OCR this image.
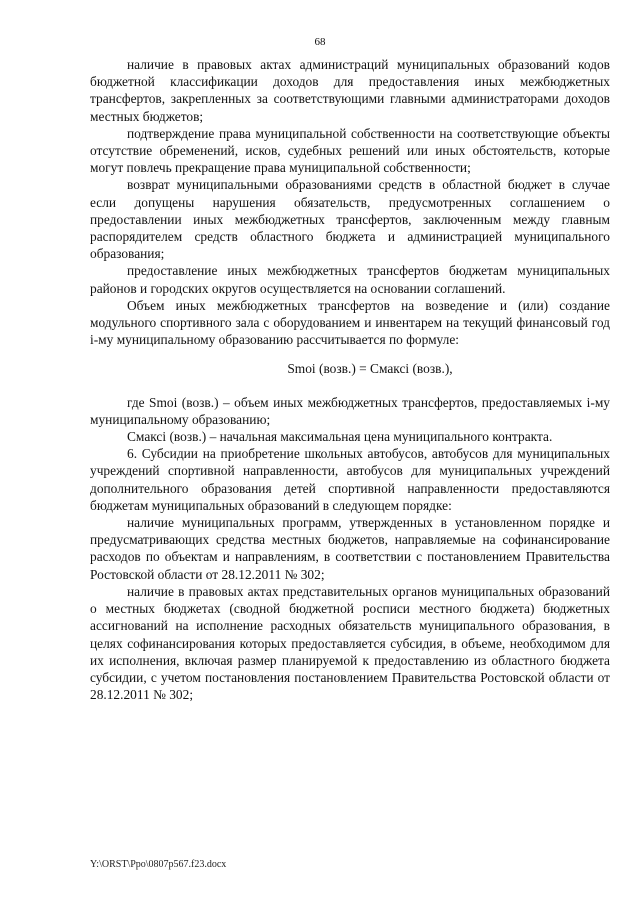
68

наличие в правовых актах администраций муниципальных образований кодов бюджетной классификации доходов для предоставления иных межбюджетных трансфертов, закрепленных за соответствующими главными администраторами доходов местных бюджетов;

подтверждение права муниципальной собственности на соответствующие объекты отсутствие обременений, исков, судебных решений или иных обстоятельств, которые могут повлечь прекращение права муниципальной собственности;

возврат муниципальными образованиями средств в областной бюджет в случае если допущены нарушения обязательств, предусмотренных соглашением о предоставлении иных межбюджетных трансфертов, заключенным между главным распорядителем средств областного бюджета и администрацией муниципального образования;

предоставление иных межбюджетных трансфертов бюджетам муниципальных районов и городских округов осуществляется на основании соглашений.

Объем иных межбюджетных трансфертов на возведение и (или) создание модульного спортивного зала с оборудованием и инвентарем на текущий финансовый год i-му муниципальному образованию рассчитывается по формуле:

Smoi (возв.) = Смаксi (возв.),

где Smoi (возв.) – объем иных межбюджетных трансфертов, предоставляемых i-му муниципальному образованию;

Смаксi (возв.) – начальная максимальная цена муниципального контракта.

6. Субсидии на приобретение школьных автобусов, автобусов для муниципальных учреждений спортивной направленности, автобусов для муниципальных учреждений дополнительного образования детей спортивной направленности предоставляются бюджетам муниципальных образований в следующем порядке:

наличие муниципальных программ, утвержденных в установленном порядке и предусматривающих средства местных бюджетов, направляемые на софинансирование расходов по объектам и направлениям, в соответствии с постановлением Правительства Ростовской области от 28.12.2011 № 302;

наличие в правовых актах представительных органов муниципальных образований о местных бюджетах (сводной бюджетной росписи местного бюджета) бюджетных ассигнований на исполнение расходных обязательств муниципального образования, в целях софинансирования которых предоставляется субсидия, в объеме, необходимом для их исполнения, включая размер планируемой к предоставлению из областного бюджета субсидии, с учетом постановления постановлением Правительства Ростовской области от 28.12.2011 № 302;

Y:\ORST\Ppo\0807p567.f23.docx
